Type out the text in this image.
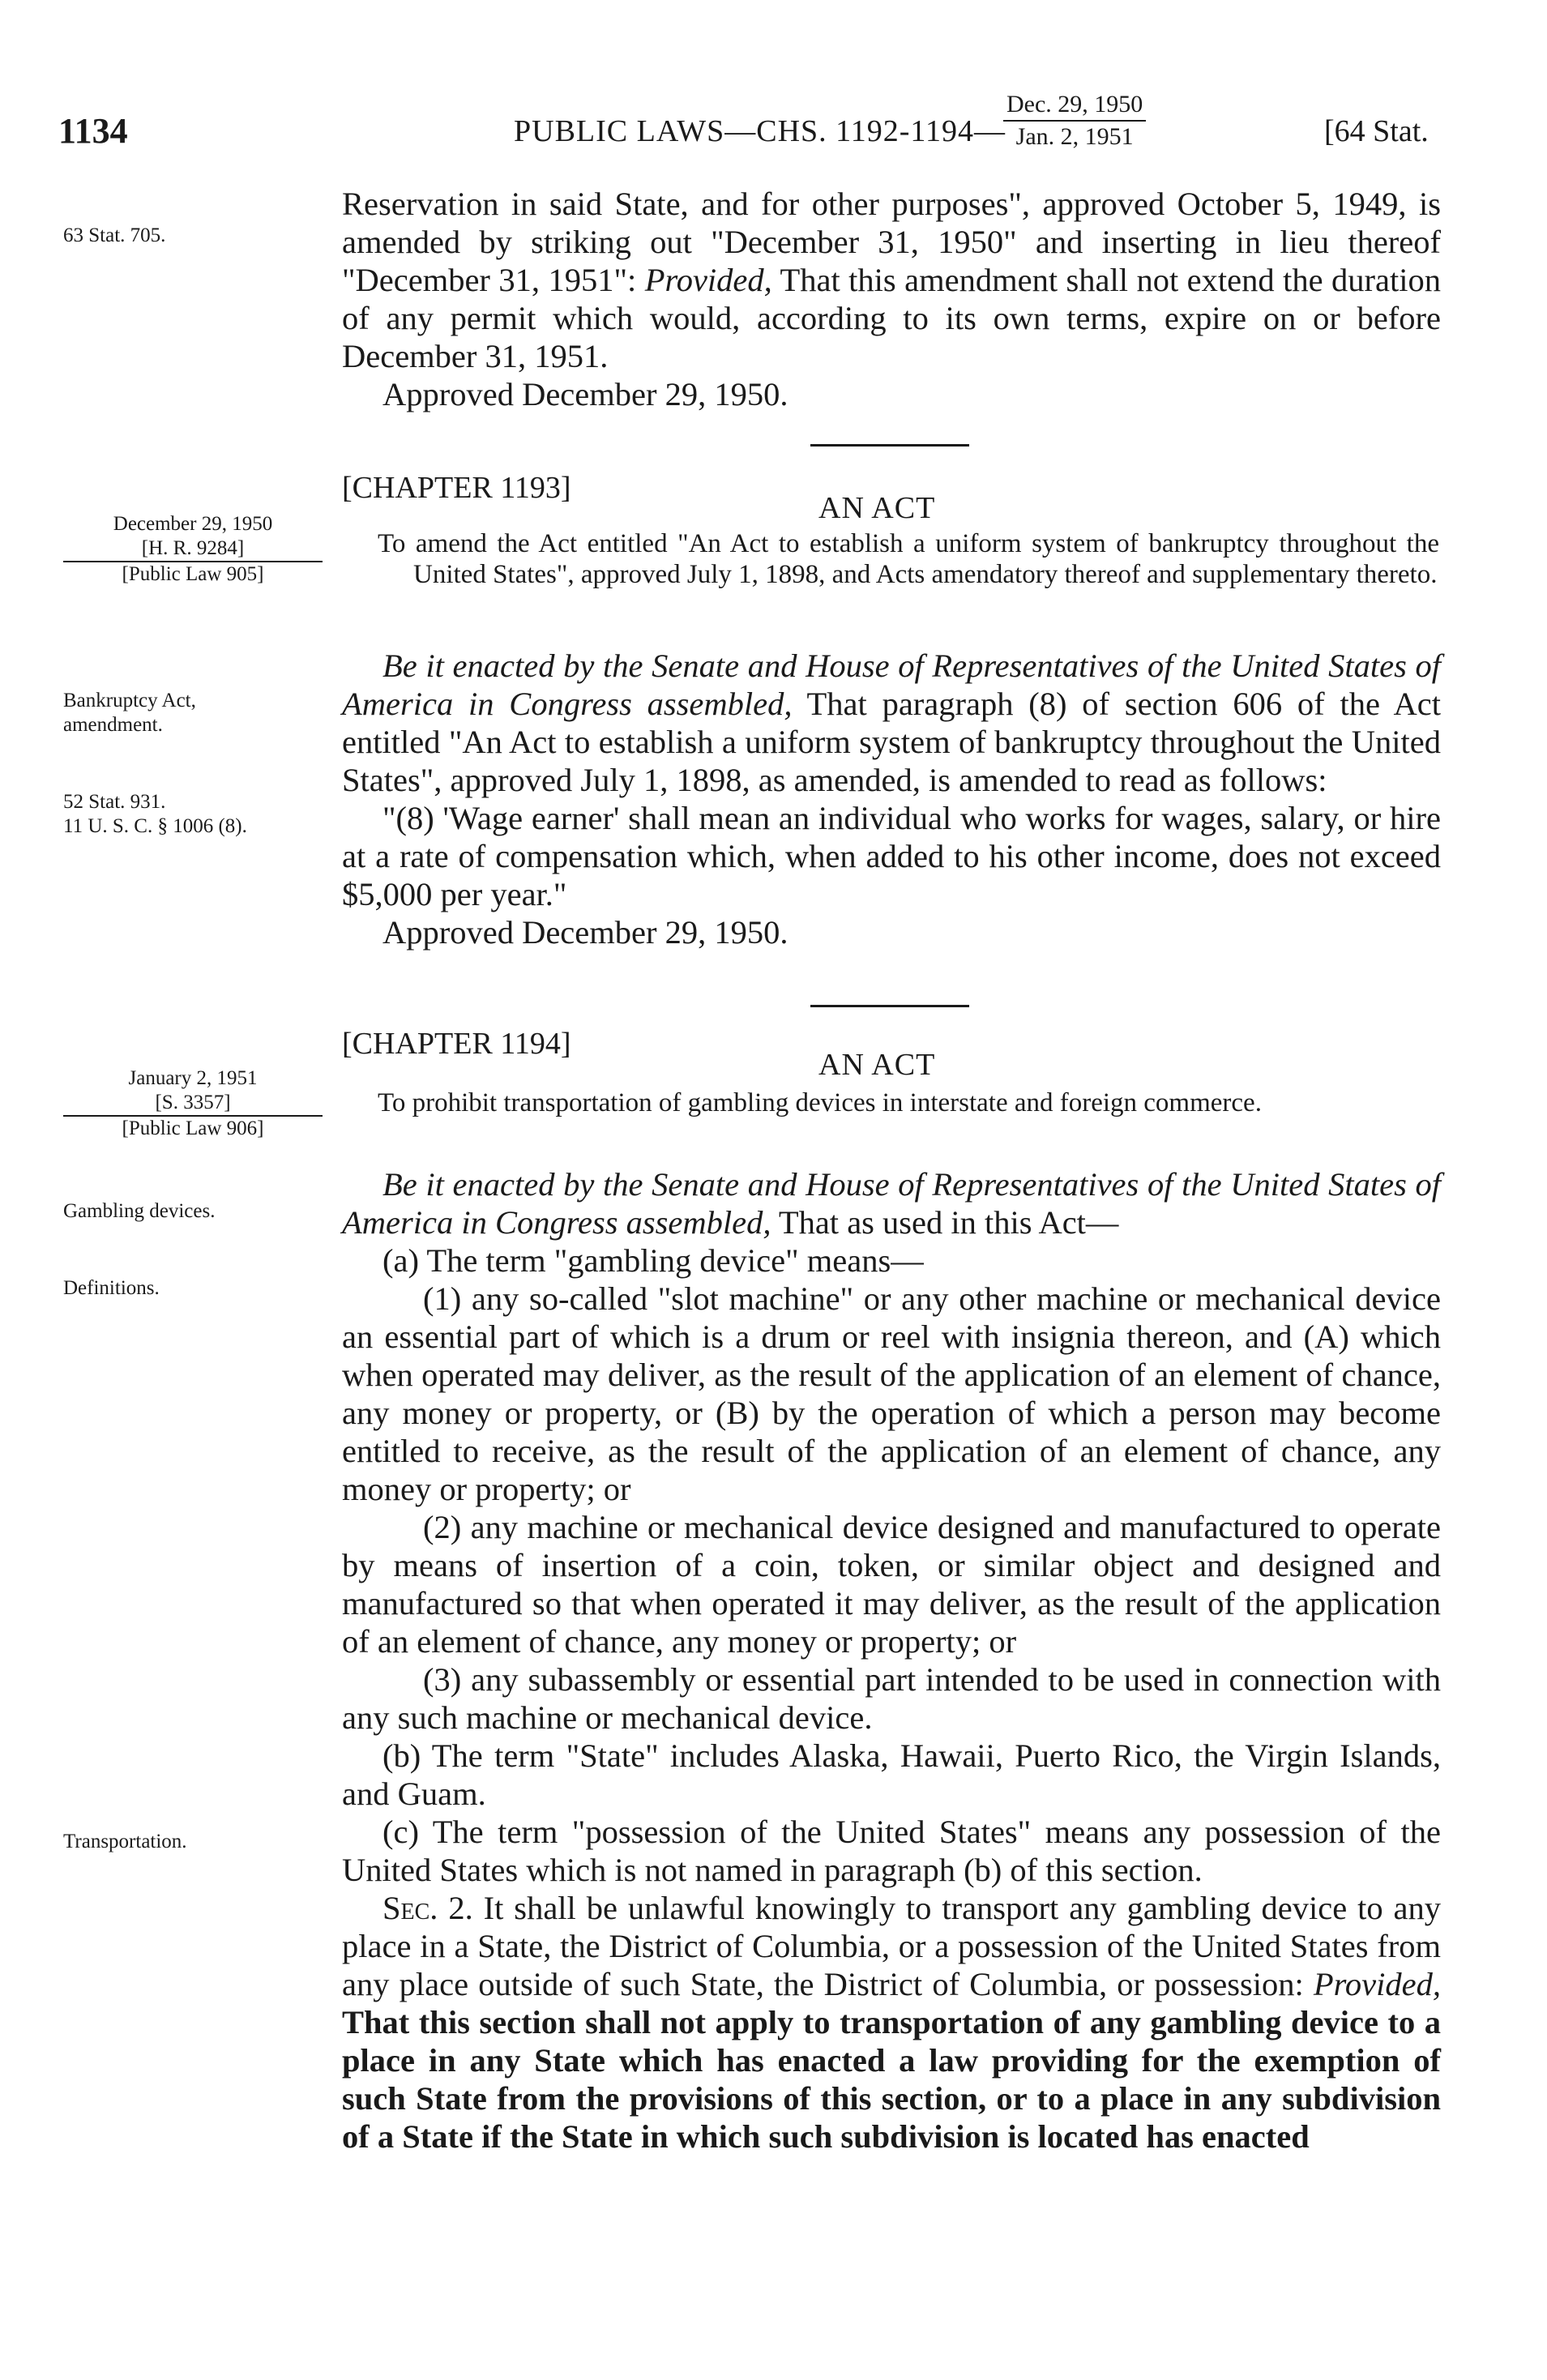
1134	PUBLIC LAWS—CHS. 1192-1194—
Dec. 29, 1950
Jan. 2, 1951	[64 Stat.
63 Stat. 705.

Reservation in said State, and for other purposes", approved October 5, 1949, is amended by striking out "December 31, 1950" and inserting in lieu thereof "December 31, 1951": Provided, That this amendment shall not extend the duration of any permit which would, according to its own terms, expire on or before December 31, 1951.

Approved December 29, 1950.

[CHAPTER 1193]
AN ACT
December 29, 1950
[H. R. 9284]
[Public Law 905]

To amend the Act entitled "An Act to establish a uniform system of bankruptcy throughout the United States", approved July 1, 1898, and Acts amendatory thereof and supplementary thereto.

Bankruptcy Act,
amendment.
52 Stat. 931.
11 U. S. C. § 1006 (8).

Be it enacted by the Senate and House of Representatives of the United States of America in Congress assembled, That paragraph (8) of section 606 of the Act entitled "An Act to establish a uniform system of bankruptcy throughout the United States", approved July 1, 1898, as amended, is amended to read as follows:

"(8) 'Wage earner' shall mean an individual who works for wages, salary, or hire at a rate of compensation which, when added to his other income, does not exceed $5,000 per year."

Approved December 29, 1950.

[CHAPTER 1194]
AN ACT
January 2, 1951
[S. 3357]
[Public Law 906]

To prohibit transportation of gambling devices in interstate and foreign commerce.

Gambling devices.
Definitions.
Transportation.

Be it enacted by the Senate and House of Representatives of the United States of America in Congress assembled, That as used in this Act—

(a) The term "gambling device" means—

(1) any so-called "slot machine" or any other machine or mechanical device an essential part of which is a drum or reel with insignia thereon, and (A) which when operated may deliver, as the result of the application of an element of chance, any money or property, or (B) by the operation of which a person may become entitled to receive, as the result of the application of an element of chance, any money or property; or

(2) any machine or mechanical device designed and manufactured to operate by means of insertion of a coin, token, or similar object and designed and manufactured so that when operated it may deliver, as the result of the application of an element of chance, any money or property; or

(3) any subassembly or essential part intended to be used in connection with any such machine or mechanical device.

(b) The term "State" includes Alaska, Hawaii, Puerto Rico, the Virgin Islands, and Guam.

(c) The term "possession of the United States" means any possession of the United States which is not named in paragraph (b) of this section.

Sec. 2. It shall be unlawful knowingly to transport any gambling device to any place in a State, the District of Columbia, or a possession of the United States from any place outside of such State, the District of Columbia, or possession: Provided, That this section shall not apply to transportation of any gambling device to a place in any State which has enacted a law providing for the exemption of such State from the provisions of this section, or to a place in any subdivision of a State if the State in which such subdivision is located has enacted
